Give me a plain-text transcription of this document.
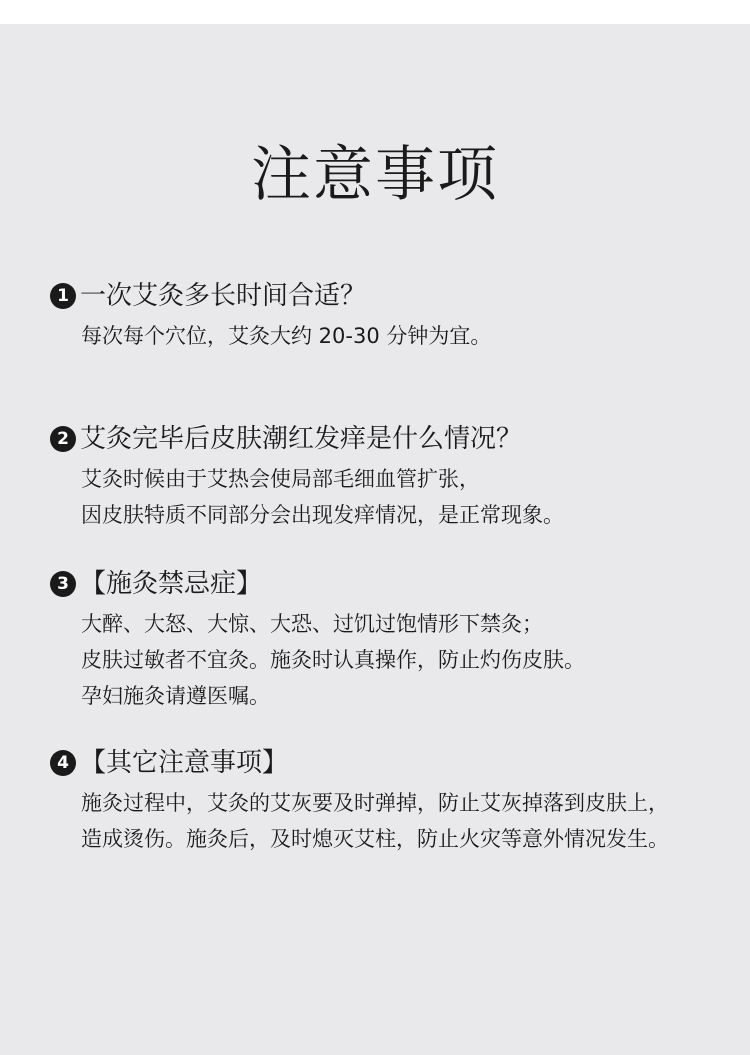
注意事项
1 一次艾灸多长时间合适？
每次每个穴位，艾灸大约 20-30 分钟为宜。
2 艾灸完毕后皮肤潮红发痒是什么情况？
艾灸时候由于艾热会使局部毛细血管扩张，
因皮肤特质不同部分会出现发痒情况，是正常现象。
3 【施灸禁忌症】
大醉、大怒、大惊、大恐、过饥过饱情形下禁灸；
皮肤过敏者不宜灸。施灸时认真操作，防止灼伤皮肤。
孕妇施灸请遵医嘱。
4 【其它注意事项】
施灸过程中，艾灸的艾灰要及时弹掉，防止艾灰掉落到皮肤上，
造成烫伤。施灸后，及时熄灭艾柱，防止火灾等意外情况发生。
